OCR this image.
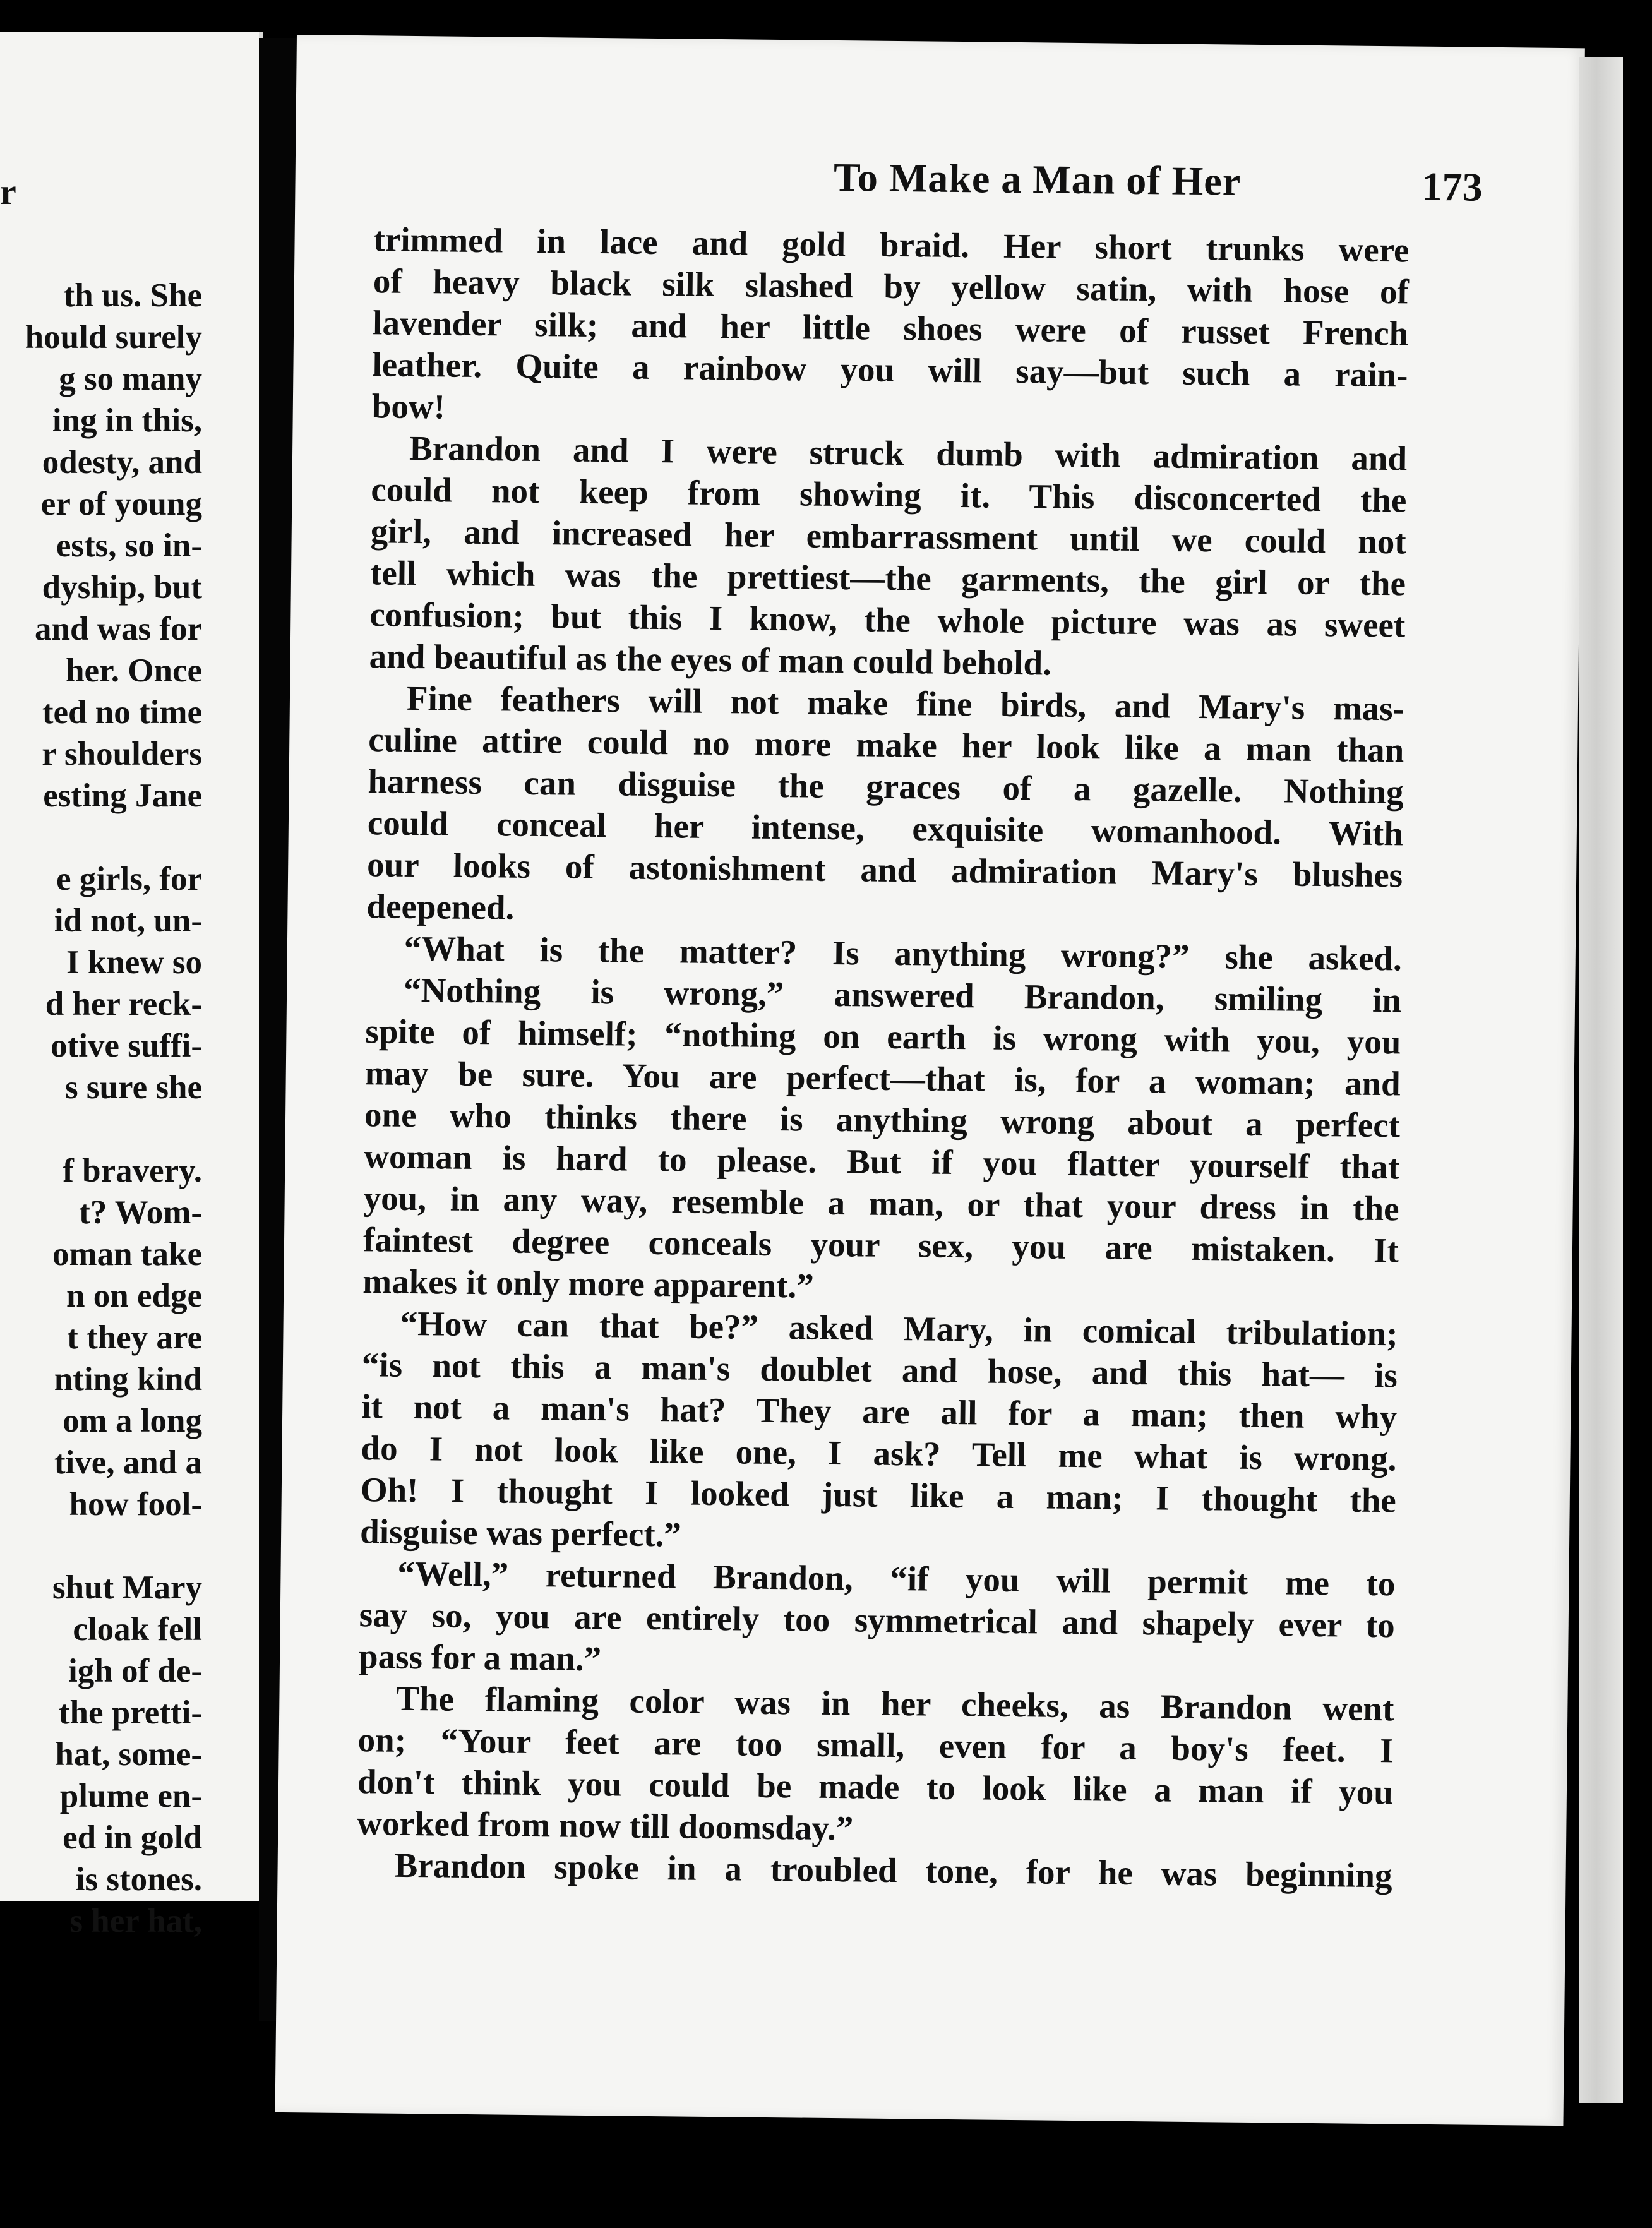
r
th us. She
hould surely
g so many
ing in this,
odesty, and
er of young
ests, so in-
dyship, but
and was for
her. Once
ted no time
r shoulders
esting Jane
e girls, for
id not, un-
I knew so
d her reck-
otive suffi-
s sure she
f bravery.
t? Wom-
oman take
n on edge
t they are
nting kind
om a long
tive, and a
how fool-
shut Mary
cloak fell
igh of de-
the pretti-
hat, some-
plume en-
ed in gold
is stones.
s her hat,
To Make a Man of Her	173
trimmed in lace and gold braid. Her short trunks were
of heavy black silk slashed by yellow satin, with hose of
lavender silk; and her little shoes were of russet French
leather. Quite a rainbow you will say—but such a rain-
bow!
Brandon and I were struck dumb with admiration and
could not keep from showing it. This disconcerted the
girl, and increased her embarrassment until we could not
tell which was the prettiest—the garments, the girl or the
confusion; but this I know, the whole picture was as sweet
and beautiful as the eyes of man could behold.
Fine feathers will not make fine birds, and Mary's mas-
culine attire could no more make her look like a man than
harness can disguise the graces of a gazelle. Nothing
could conceal her intense, exquisite womanhood. With
our looks of astonishment and admiration Mary's blushes
deepened.
“What is the matter? Is anything wrong?” she asked.
“Nothing is wrong,” answered Brandon, smiling in
spite of himself; “nothing on earth is wrong with you, you
may be sure. You are perfect—that is, for a woman; and
one who thinks there is anything wrong about a perfect
woman is hard to please. But if you flatter yourself that
you, in any way, resemble a man, or that your dress in the
faintest degree conceals your sex, you are mistaken. It
makes it only more apparent.”
“How can that be?” asked Mary, in comical tribulation;
“is not this a man's doublet and hose, and this hat— is
it not a man's hat? They are all for a man; then why
do I not look like one, I ask? Tell me what is wrong.
Oh! I thought I looked just like a man; I thought the
disguise was perfect.”
“Well,” returned Brandon, “if you will permit me to
say so, you are entirely too symmetrical and shapely ever to
pass for a man.”
The flaming color was in her cheeks, as Brandon went
on; “Your feet are too small, even for a boy's feet. I
don't think you could be made to look like a man if you
worked from now till doomsday.”
Brandon spoke in a troubled tone, for he was beginning
